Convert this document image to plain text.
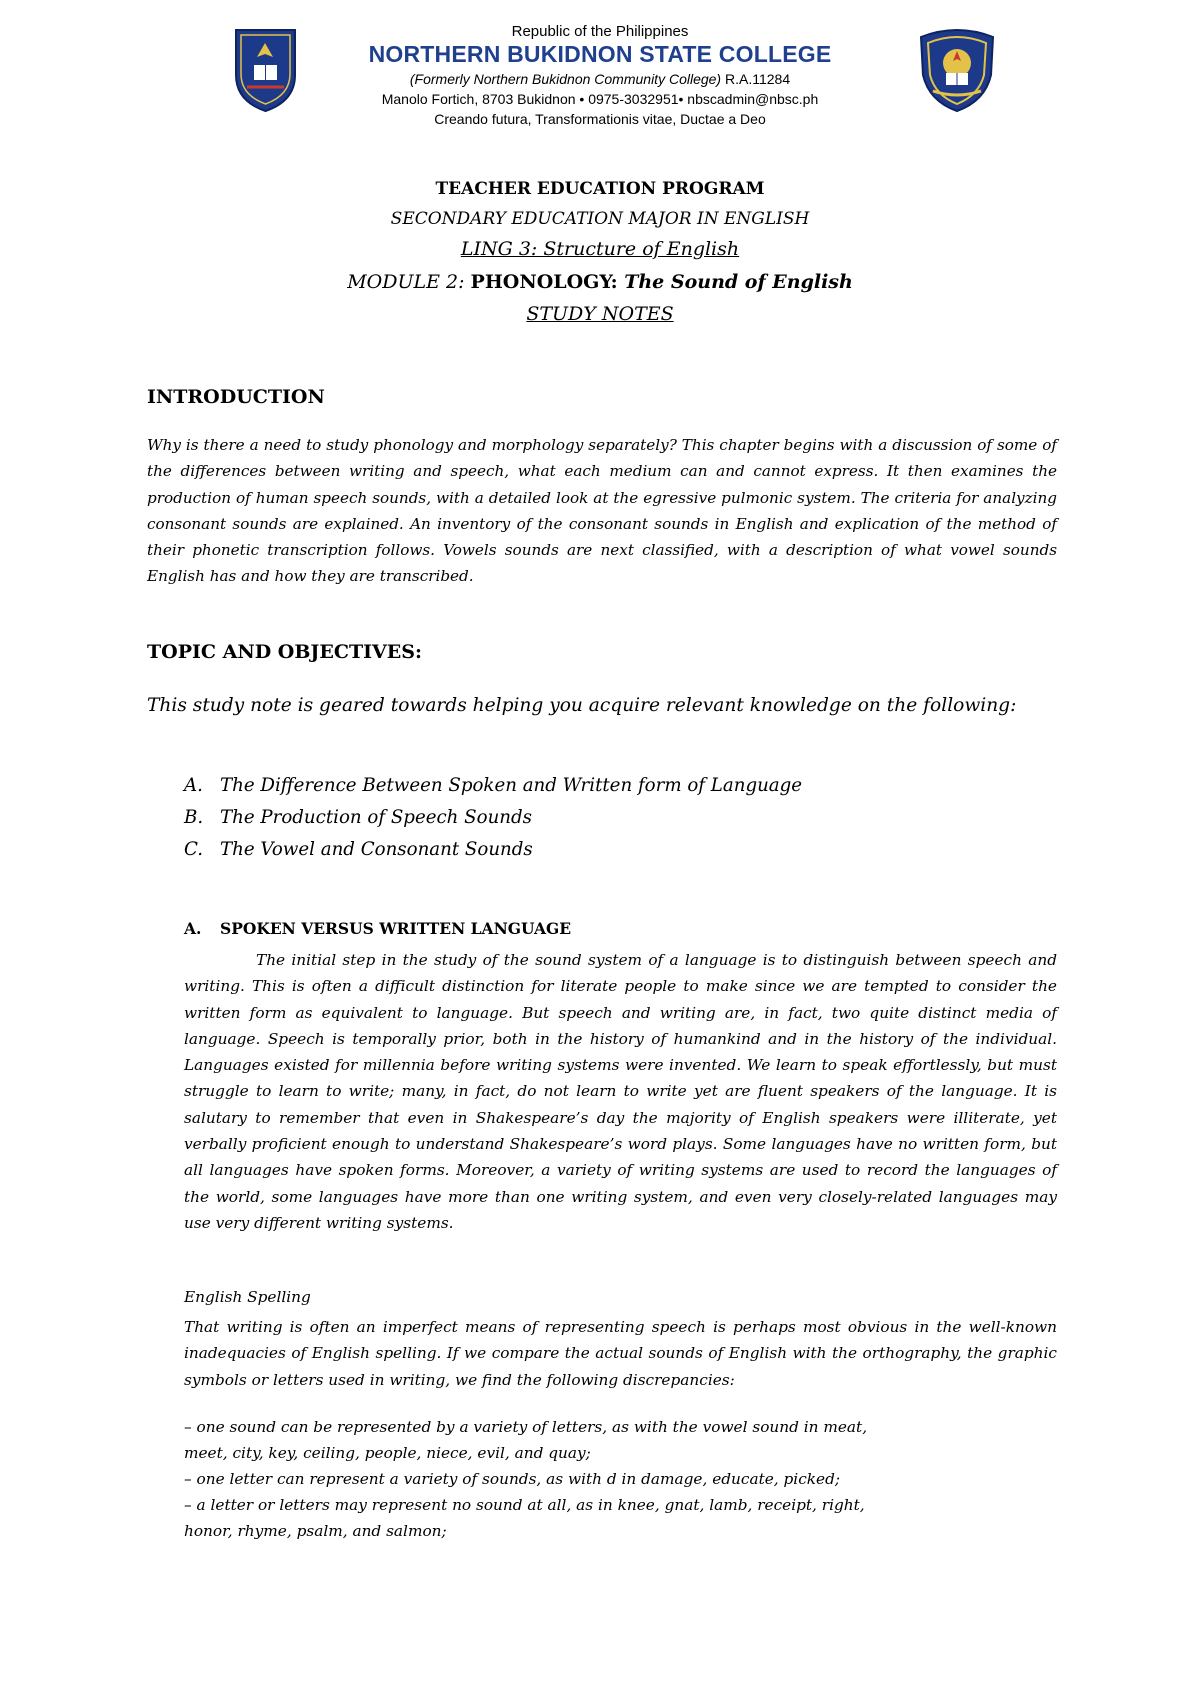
Republic of the Philippines
NORTHERN BUKIDNON STATE COLLEGE
(Formerly Northern Bukidnon Community College) R.A.11284
Manolo Fortich, 8703 Bukidnon • 0975-3032951• nbscadmin@nbsc.ph
Creando futura, Transformationis vitae, Ductae a Deo
TEACHER EDUCATION PROGRAM
SECONDARY EDUCATION MAJOR IN ENGLISH
LING 3: Structure of English
MODULE 2: PHONOLOGY: The Sound of English
STUDY NOTES
INTRODUCTION
Why is there a need to study phonology and morphology separately? This chapter begins with a discussion of some of the differences between writing and speech, what each medium can and cannot express. It then examines the production of human speech sounds, with a detailed look at the egressive pulmonic system. The criteria for analyzing consonant sounds are explained. An inventory of the consonant sounds in English and explication of the method of their phonetic transcription follows. Vowels sounds are next classified, with a description of what vowel sounds English has and how they are transcribed.
TOPIC AND OBJECTIVES:
This study note is geared towards helping you acquire relevant knowledge on the following:
A. The Difference Between Spoken and Written form of Language
B. The Production of Speech Sounds
C. The Vowel and Consonant Sounds
A. SPOKEN VERSUS WRITTEN LANGUAGE
The initial step in the study of the sound system of a language is to distinguish between speech and writing. This is often a difficult distinction for literate people to make since we are tempted to consider the written form as equivalent to language. But speech and writing are, in fact, two quite distinct media of language. Speech is temporally prior, both in the history of humankind and in the history of the individual. Languages existed for millennia before writing systems were invented. We learn to speak effortlessly, but must struggle to learn to write; many, in fact, do not learn to write yet are fluent speakers of the language. It is salutary to remember that even in Shakespeare’s day the majority of English speakers were illiterate, yet verbally proficient enough to understand Shakespeare’s word plays. Some languages have no written form, but all languages have spoken forms. Moreover, a variety of writing systems are used to record the languages of the world, some languages have more than one writing system, and even very closely-related languages may use very different writing systems.
English Spelling
That writing is often an imperfect means of representing speech is perhaps most obvious in the well-known inadequacies of English spelling. If we compare the actual sounds of English with the orthography, the graphic symbols or letters used in writing, we find the following discrepancies:
– one sound can be represented by a variety of letters, as with the vowel sound in meat,
meet, city, key, ceiling, people, niece, evil, and quay;
– one letter can represent a variety of sounds, as with d in damage, educate, picked;
– a letter or letters may represent no sound at all, as in knee, gnat, lamb, receipt, right,
honor, rhyme, psalm, and salmon;
